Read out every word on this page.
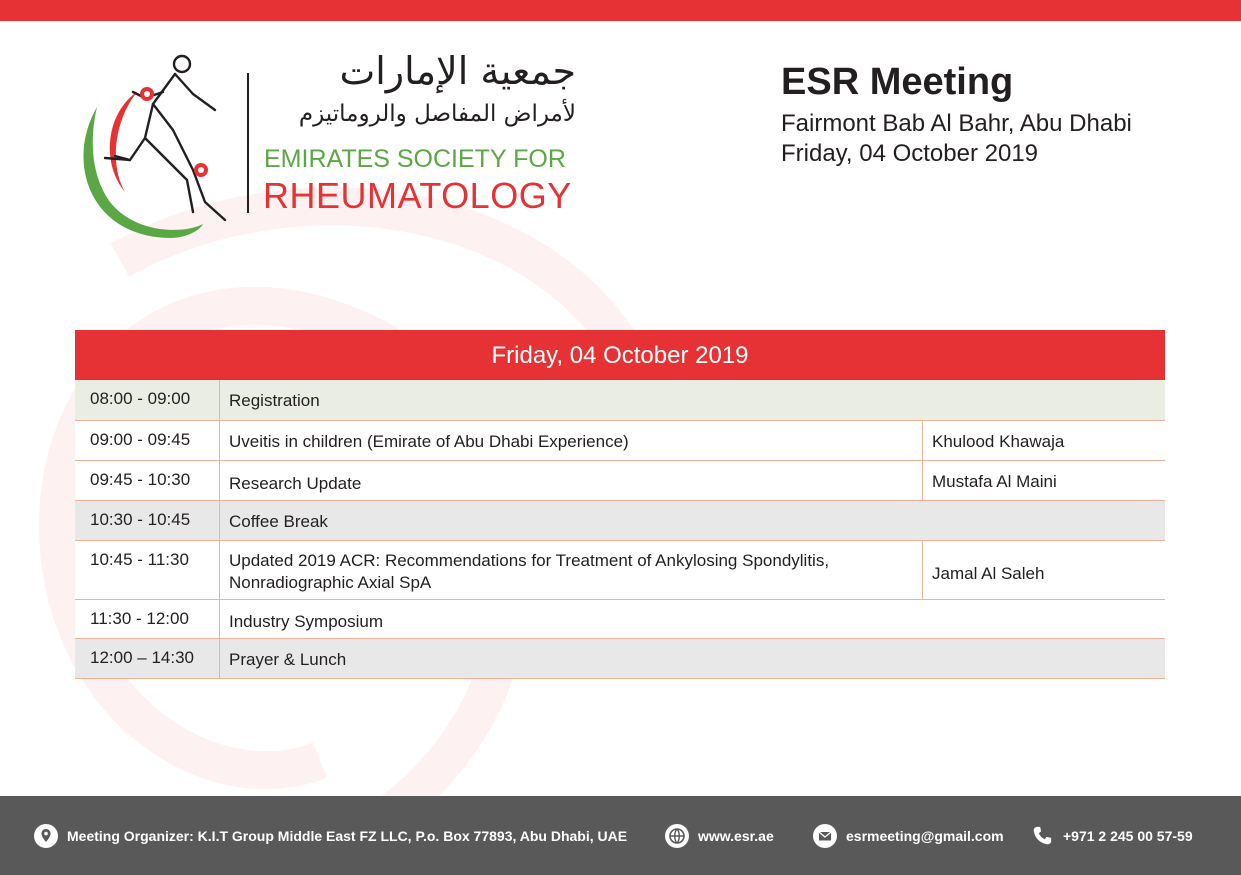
جمعية الإمارات
لأمراض المفاصل والروماتيزم
EMIRATES SOCIETY FOR
RHEUMATOLOGY
ESR Meeting
Fairmont Bab Al Bahr, Abu Dhabi
Friday, 04 October 2019
Friday, 04 October 2019
08:00 - 09:00	Registration
09:00 - 09:45	Uveitis in children (Emirate of Abu Dhabi Experience)	Khulood Khawaja
09:45 - 10:30	Research Update	Mustafa Al Maini
10:30 - 10:45	Coffee Break
10:45 - 11:30	Updated 2019 ACR: Recommendations for Treatment of Ankylosing Spondylitis, Nonradiographic Axial SpA	Jamal Al Saleh
11:30 - 12:00	Industry Symposium
12:00 – 14:30	Prayer & Lunch
Meeting Organizer: K.I.T Group Middle East FZ LLC, P.o. Box 77893, Abu Dhabi, UAE	www.esr.ae	esrmeeting@gmail.com	+971 2 245 00 57-59
